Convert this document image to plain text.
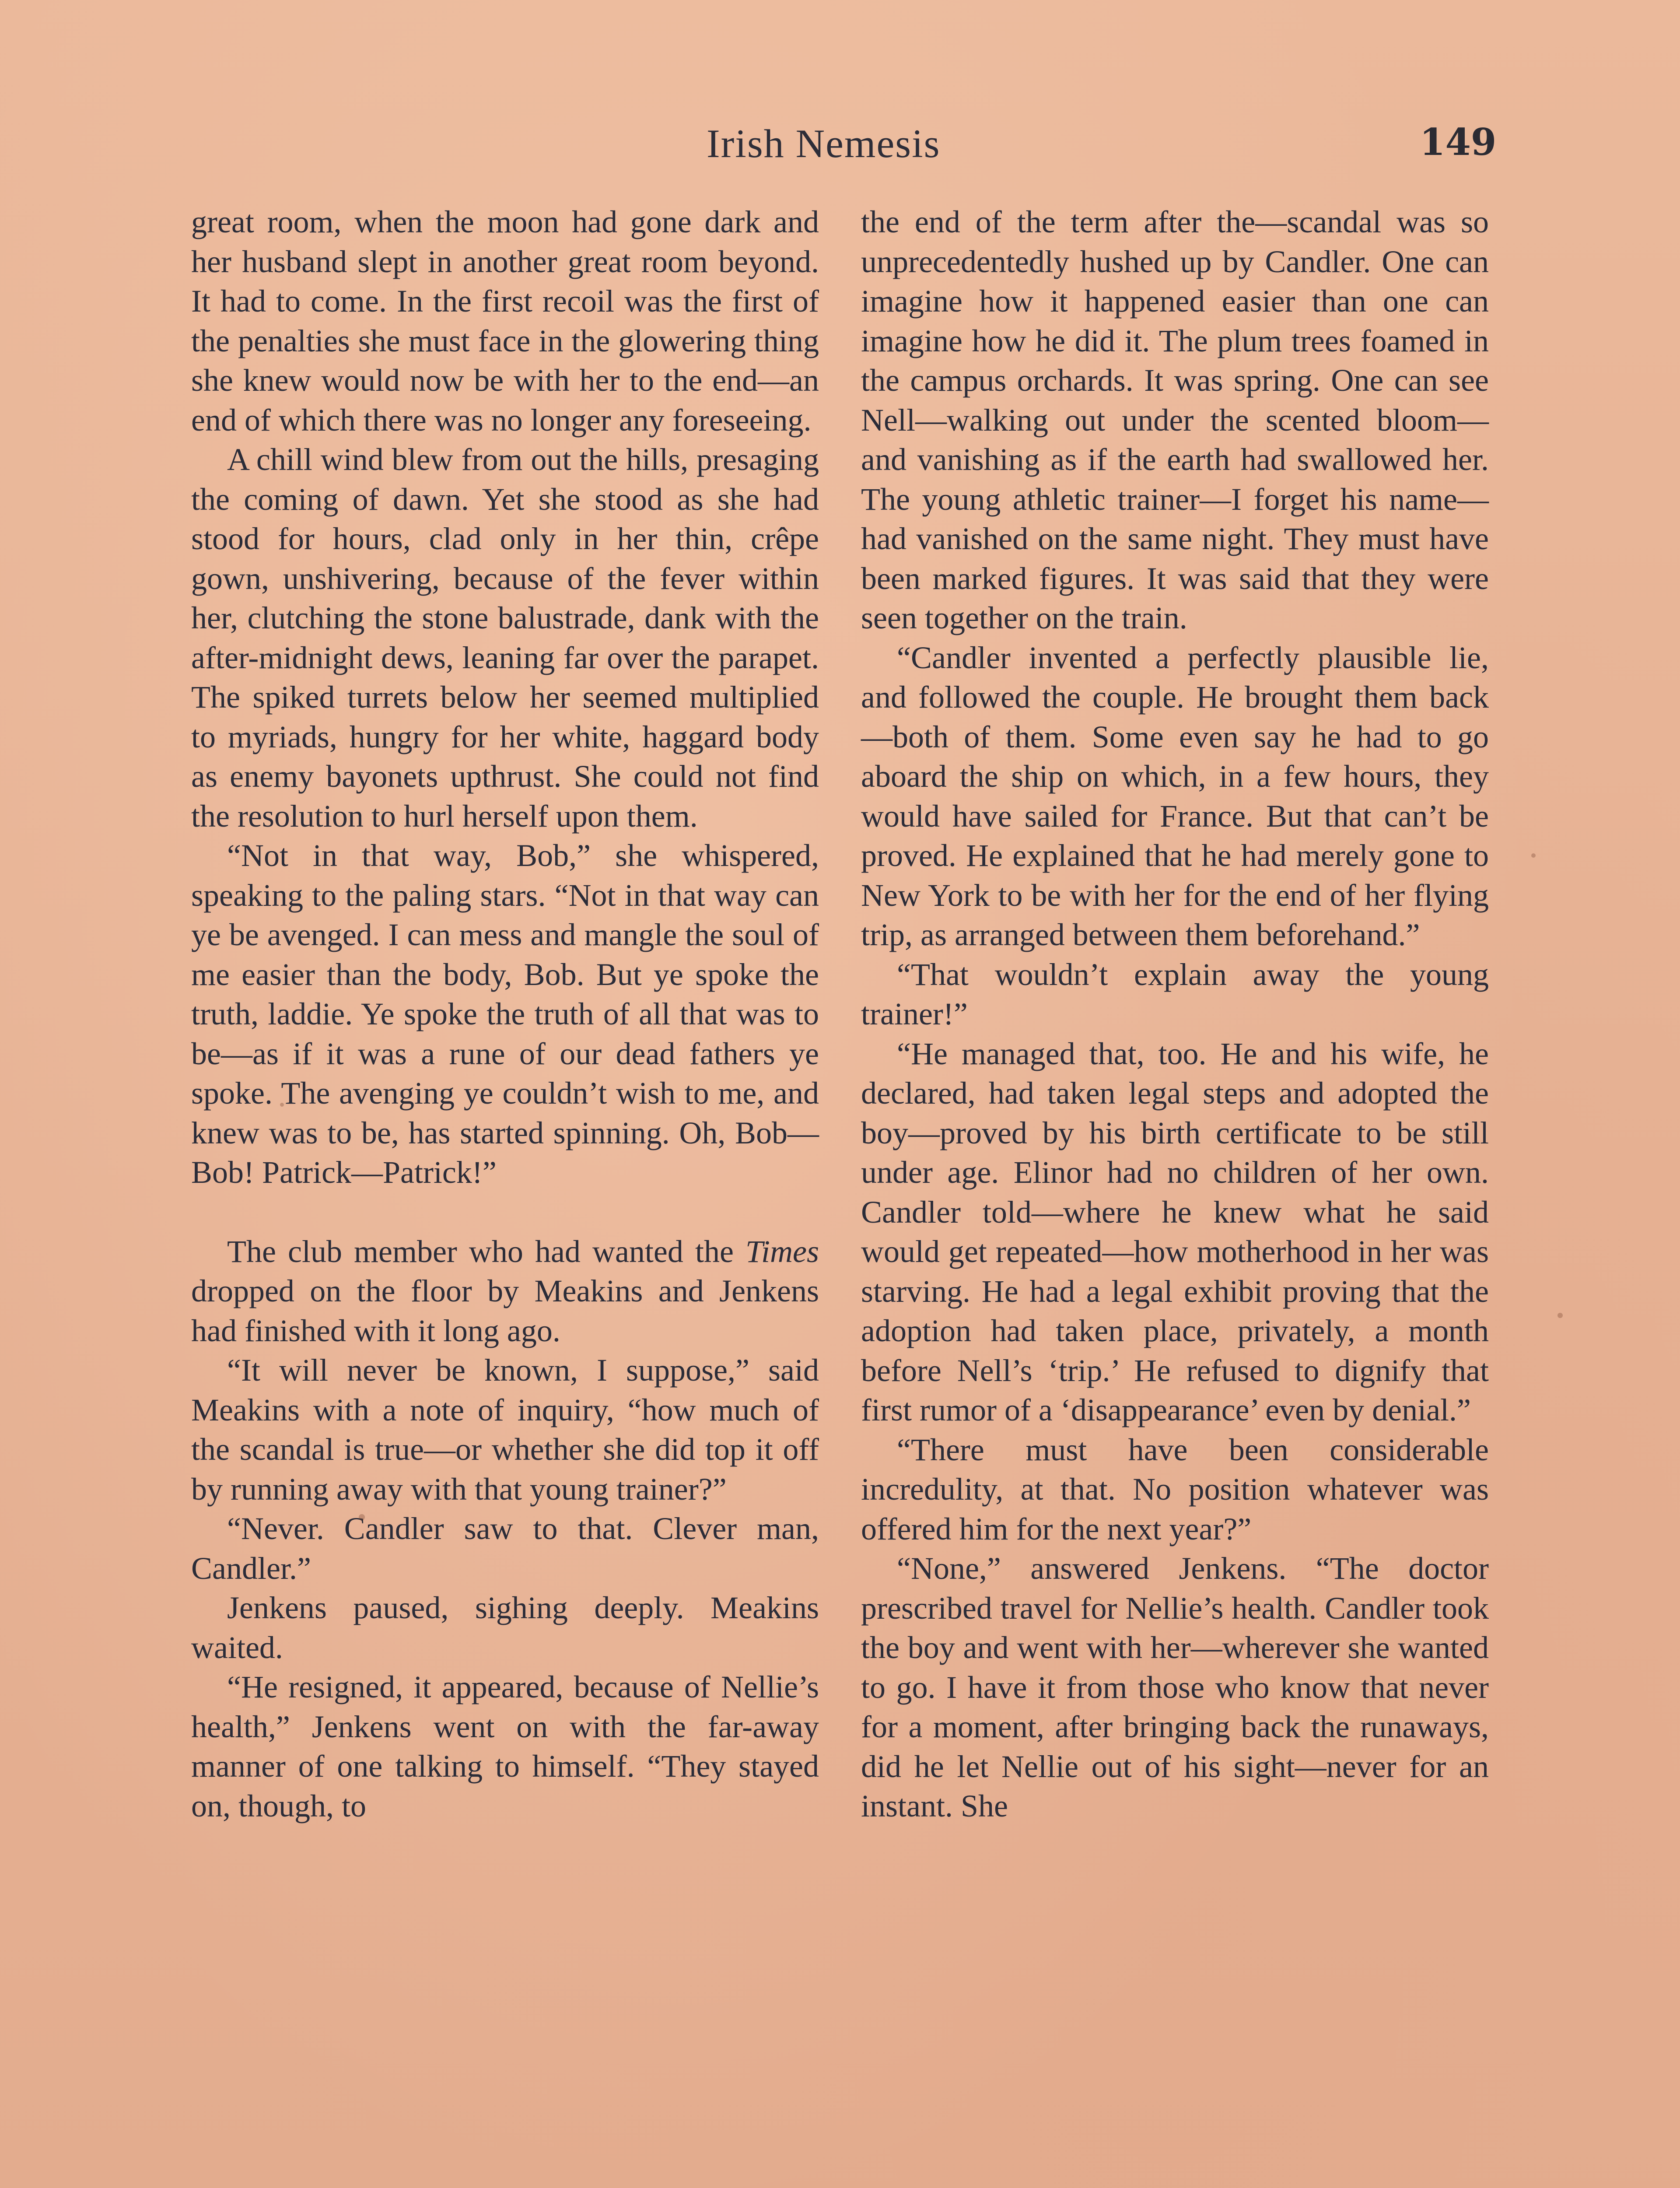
Irish Nemesis	149

great room, when the moon had gone dark and her husband slept in another great room beyond. It had to come. In the first recoil was the first of the penalties she must face in the glowering thing she knew would now be with her to the end—an end of which there was no longer any foreseeing.

A chill wind blew from out the hills, presaging the coming of dawn. Yet she stood as she had stood for hours, clad only in her thin, crêpe gown, unshivering, because of the fever within her, clutching the stone balustrade, dank with the after-midnight dews, leaning far over the parapet. The spiked turrets below her seemed multiplied to myriads, hungry for her white, haggard body as enemy bayonets upthrust. She could not find the resolution to hurl herself upon them.

“Not in that way, Bob,” she whispered, speaking to the paling stars. “Not in that way can ye be avenged. I can mess and mangle the soul of me easier than the body, Bob. But ye spoke the truth, laddie. Ye spoke the truth of all that was to be—as if it was a rune of our dead fathers ye spoke. The avenging ye couldn’t wish to me, and knew was to be, has started spinning. Oh, Bob—Bob! Patrick—Patrick!”

The club member who had wanted the Times dropped on the floor by Meakins and Jenkens had finished with it long ago.

“It will never be known, I suppose,” said Meakins with a note of inquiry, “how much of the scandal is true—or whether she did top it off by running away with that young trainer?”

“Never. Candler saw to that. Clever man, Candler.”

Jenkens paused, sighing deeply. Meakins waited.

“He resigned, it appeared, because of Nellie’s health,” Jenkens went on with the far-away manner of one talking to himself. “They stayed on, though, to

the end of the term after the—scandal was so unprecedentedly hushed up by Candler. One can imagine how it happened easier than one can imagine how he did it. The plum trees foamed in the campus orchards. It was spring. One can see Nell—walking out under the scented bloom—and vanishing as if the earth had swallowed her. The young athletic trainer—I forget his name—had vanished on the same night. They must have been marked figures. It was said that they were seen together on the train.

“Candler invented a perfectly plausible lie, and followed the couple. He brought them back—both of them. Some even say he had to go aboard the ship on which, in a few hours, they would have sailed for France. But that can’t be proved. He explained that he had merely gone to New York to be with her for the end of her flying trip, as arranged between them beforehand.”

“That wouldn’t explain away the young trainer!”

“He managed that, too. He and his wife, he declared, had taken legal steps and adopted the boy—proved by his birth certificate to be still under age. Elinor had no children of her own. Candler told—where he knew what he said would get repeated—how motherhood in her was starving. He had a legal exhibit proving that the adoption had taken place, privately, a month before Nell’s ‘trip.’ He refused to dignify that first rumor of a ‘disappearance’ even by denial.”

“There must have been considerable incredulity, at that. No position whatever was offered him for the next year?”

“None,” answered Jenkens. “The doctor prescribed travel for Nellie’s health. Candler took the boy and went with her—wherever she wanted to go. I have it from those who know that never for a moment, after bringing back the runaways, did he let Nellie out of his sight—never for an instant. She
